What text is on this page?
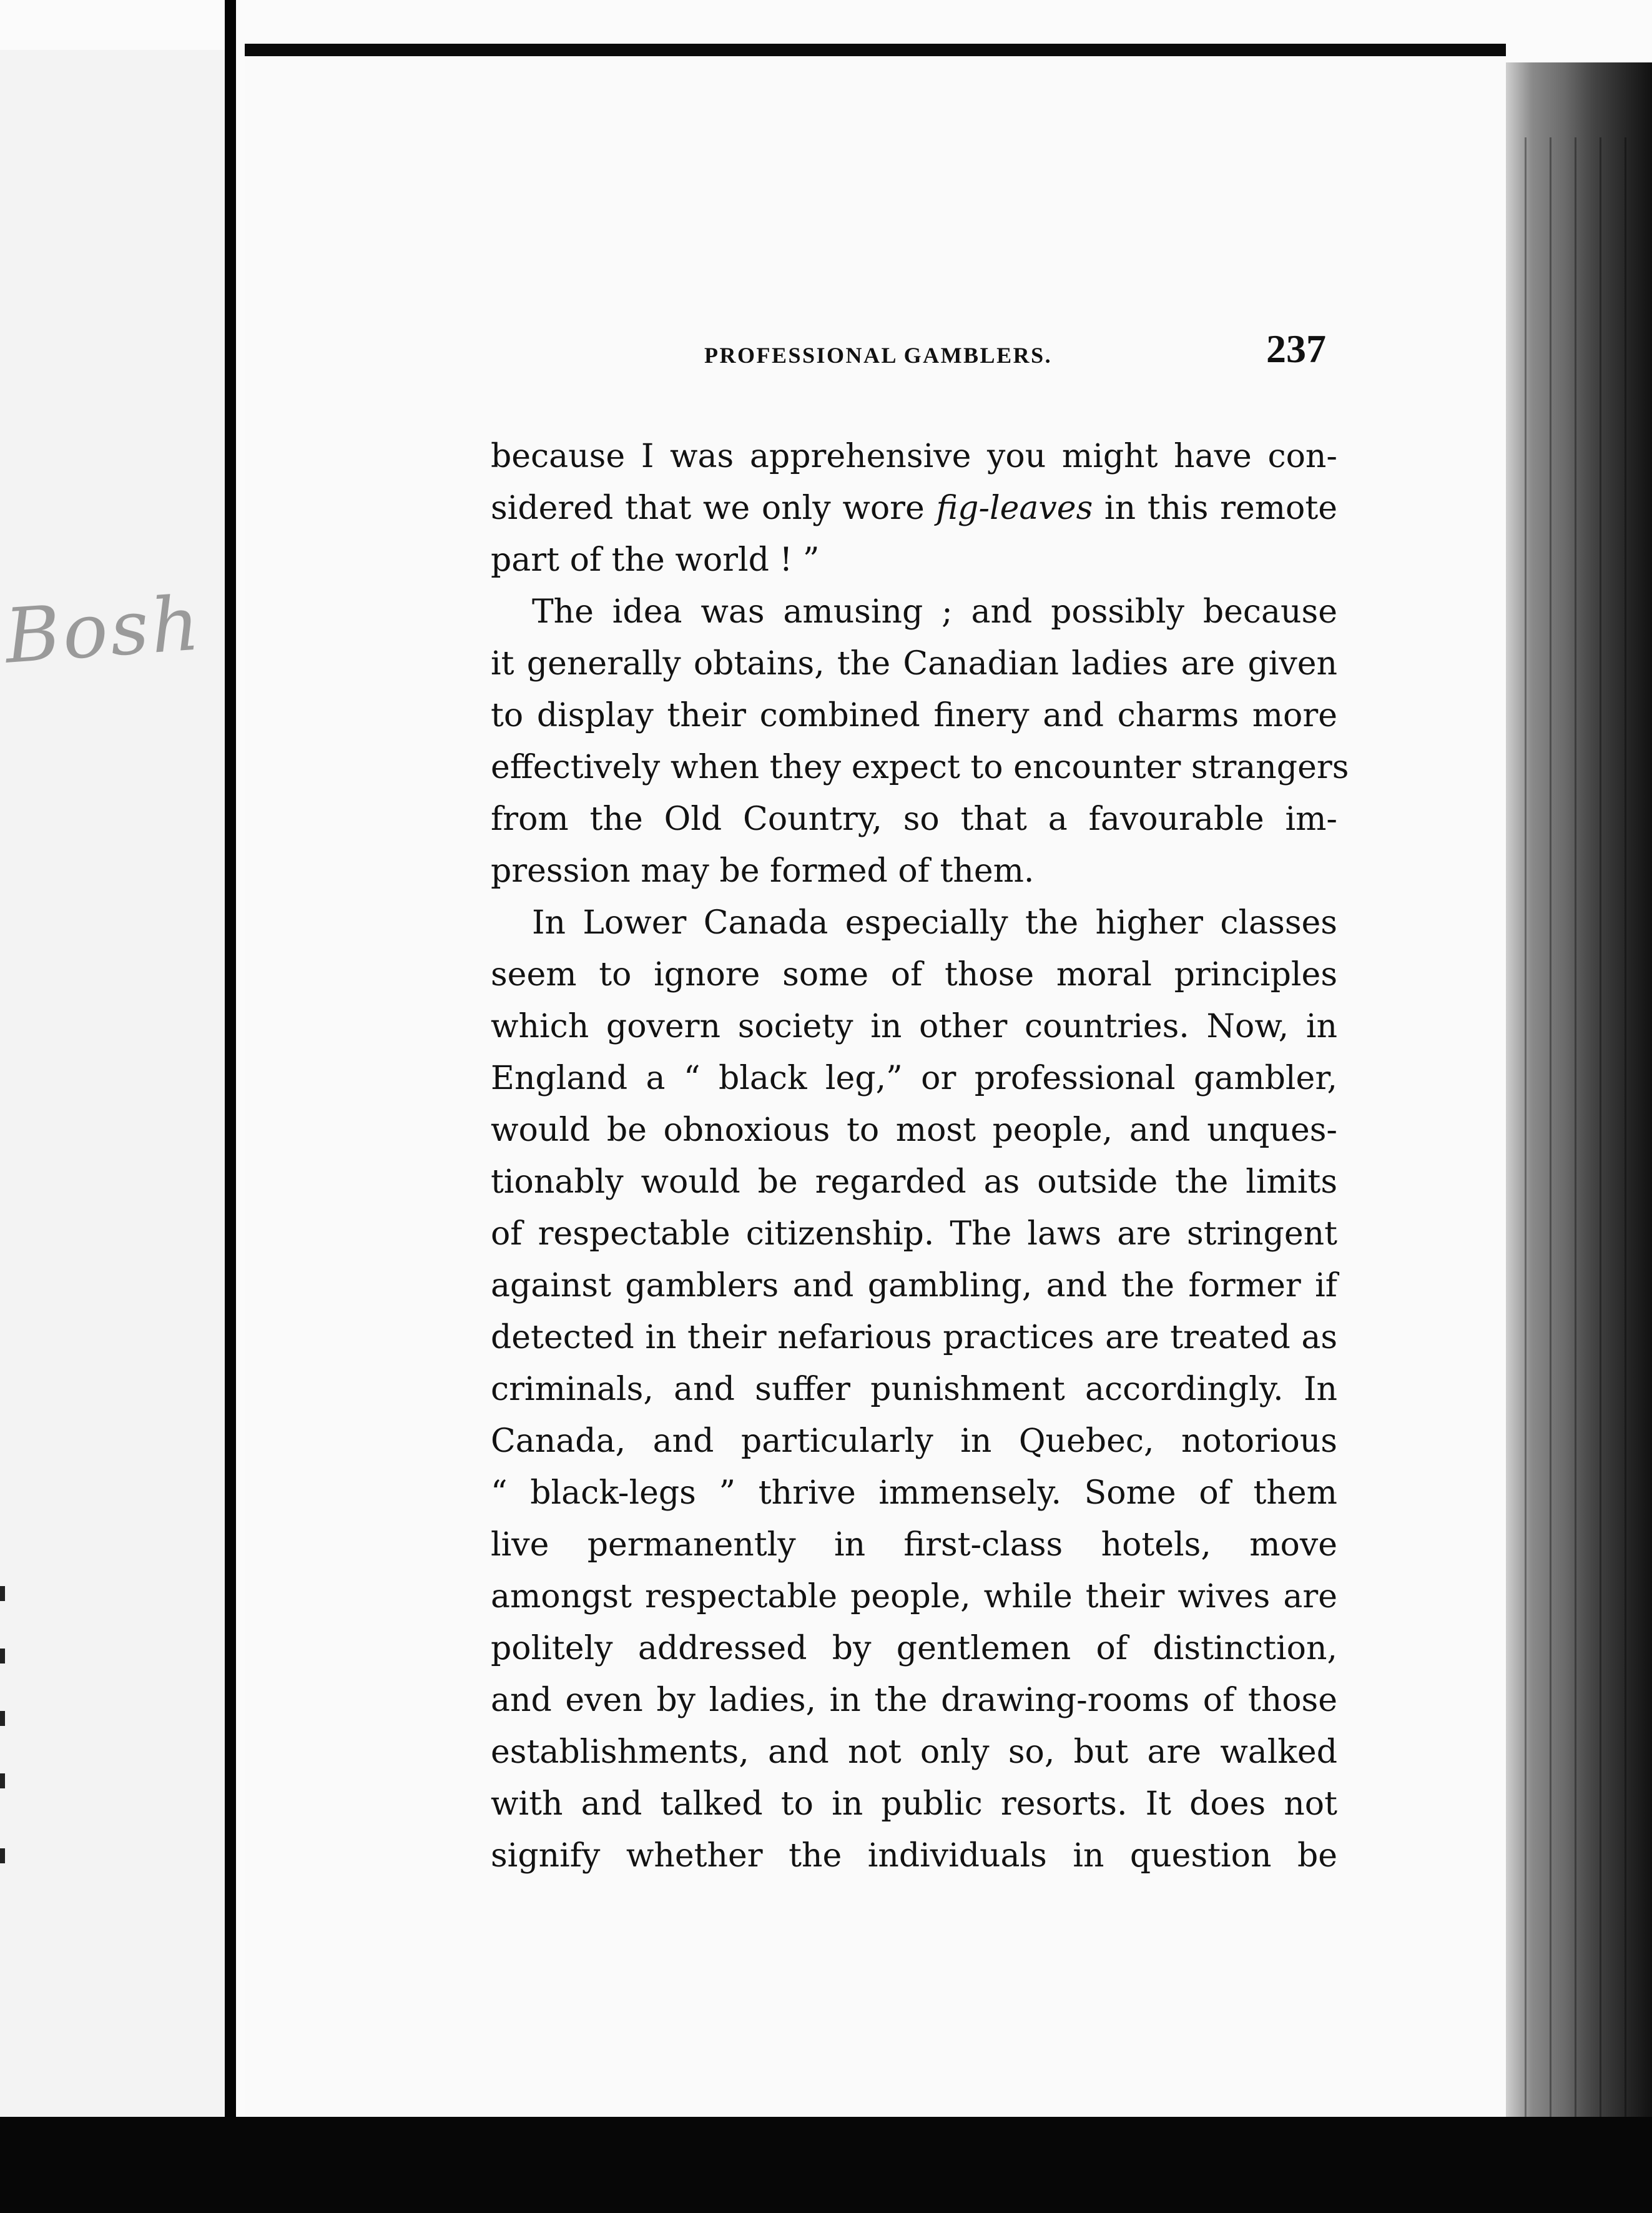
Bosh
PROFESSIONAL GAMBLERS.	237
because I was apprehensive you might have con-
sidered that we only wore fig-leaves in this remote
part of the world ! ”
The idea was amusing ; and possibly because
it generally obtains, the Canadian ladies are given
to display their combined finery and charms more
effectively when they expect to encounter strangers
from the Old Country, so that a favourable im-
pression may be formed of them.
In Lower Canada especially the higher classes
seem to ignore some of those moral principles
which govern society in other countries. Now, in
England a “ black leg,” or professional gambler,
would be obnoxious to most people, and unques-
tionably would be regarded as outside the limits
of respectable citizenship. The laws are stringent
against gamblers and gambling, and the former if
detected in their nefarious practices are treated as
criminals, and suffer punishment accordingly. In
Canada, and particularly in Quebec, notorious
“ black-legs ” thrive immensely. Some of them
live permanently in first-class hotels, move
amongst respectable people, while their wives are
politely addressed by gentlemen of distinction,
and even by ladies, in the drawing-rooms of those
establishments, and not only so, but are walked
with and talked to in public resorts. It does not
signify whether the individuals in question be
